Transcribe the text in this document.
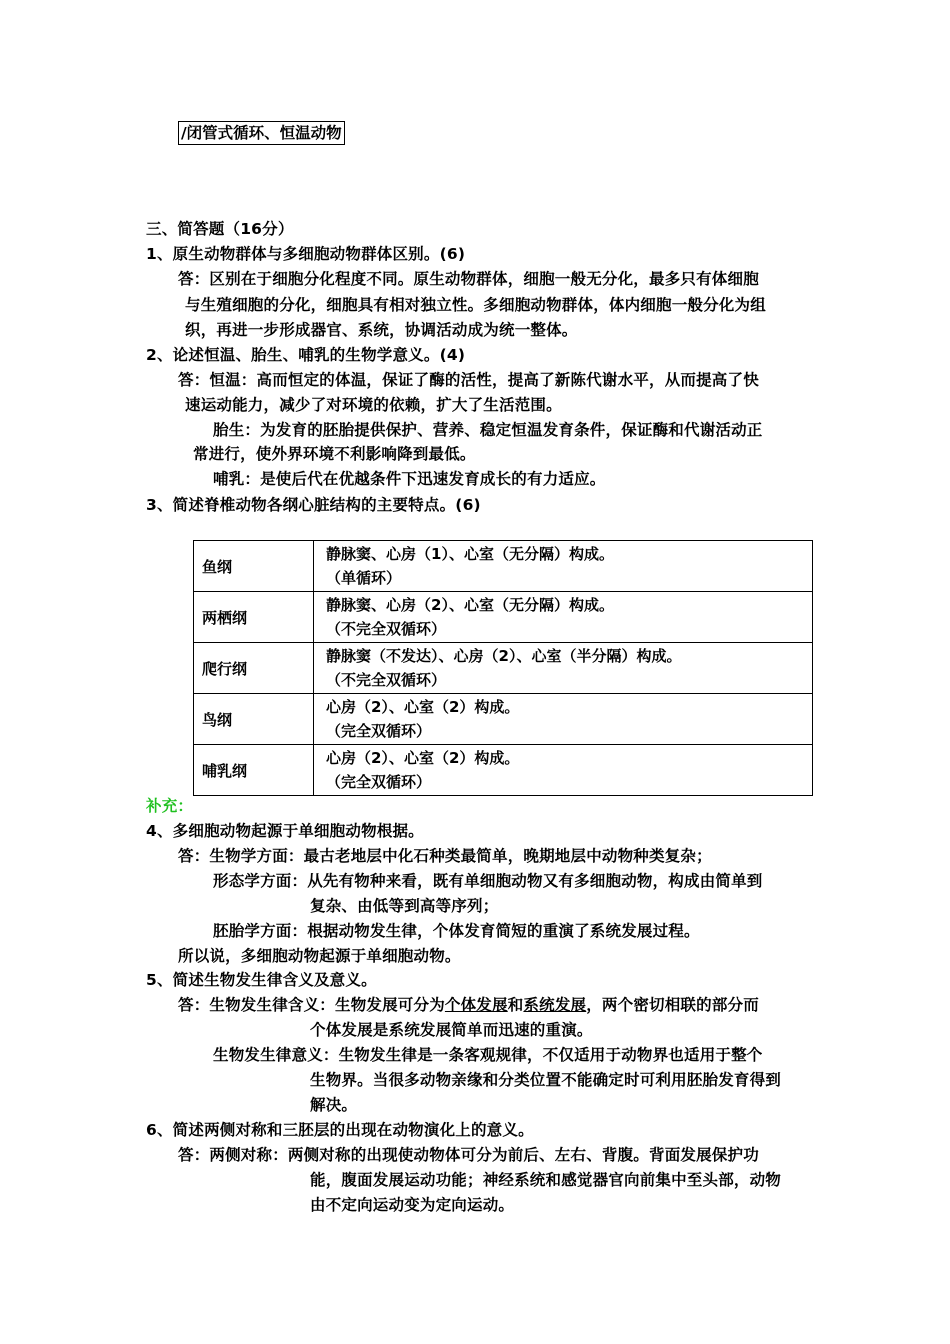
/闭管式循环、恒温动物
三、简答题（16分）
1、原生动物群体与多细胞动物群体区别。(6)
答：区别在于细胞分化程度不同。原生动物群体，细胞一般无分化，最多只有体细胞
与生殖细胞的分化，细胞具有相对独立性。多细胞动物群体，体内细胞一般分化为组
织，再进一步形成器官、系统，协调活动成为统一整体。
2、论述恒温、胎生、哺乳的生物学意义。(4)
答：恒温：高而恒定的体温，保证了酶的活性，提高了新陈代谢水平，从而提高了快
速运动能力，减少了对环境的依赖，扩大了生活范围。
胎生：为发育的胚胎提供保护、营养、稳定恒温发育条件，保证酶和代谢活动正
常进行，使外界环境不利影响降到最低。
哺乳：是使后代在优越条件下迅速发育成长的有力适应。
3、简述脊椎动物各纲心脏结构的主要特点。(6)
鱼纲	静脉窦、心房（1）、心室（无分隔）构成。
（单循环）

两栖纲	静脉窦、心房（2）、心室（无分隔）构成。
（不完全双循环）

爬行纲	静脉窦（不发达）、心房（2）、心室（半分隔）构成。
（不完全双循环）

鸟纲	心房（2）、心室（2）构成。
（完全双循环）

哺乳纲	心房（2）、心室（2）构成。
（完全双循环）
补充：
4、多细胞动物起源于单细胞动物根据。
答：生物学方面：最古老地层中化石种类最简单，晚期地层中动物种类复杂；
形态学方面：从先有物种来看，既有单细胞动物又有多细胞动物，构成由简单到
复杂、由低等到高等序列；
胚胎学方面：根据动物发生律，个体发育简短的重演了系统发展过程。
所以说，多细胞动物起源于单细胞动物。
5、简述生物发生律含义及意义。
答：生物发生律含义：生物发展可分为个体发展和系统发展，两个密切相联的部分而
个体发展是系统发展简单而迅速的重演。
生物发生律意义：生物发生律是一条客观规律，不仅适用于动物界也适用于整个
生物界。当很多动物亲缘和分类位置不能确定时可利用胚胎发育得到
解决。
6、简述两侧对称和三胚层的出现在动物演化上的意义。
答：两侧对称：两侧对称的出现使动物体可分为前后、左右、背腹。背面发展保护功
能，腹面发展运动功能；神经系统和感觉器官向前集中至头部，动物
由不定向运动变为定向运动。
